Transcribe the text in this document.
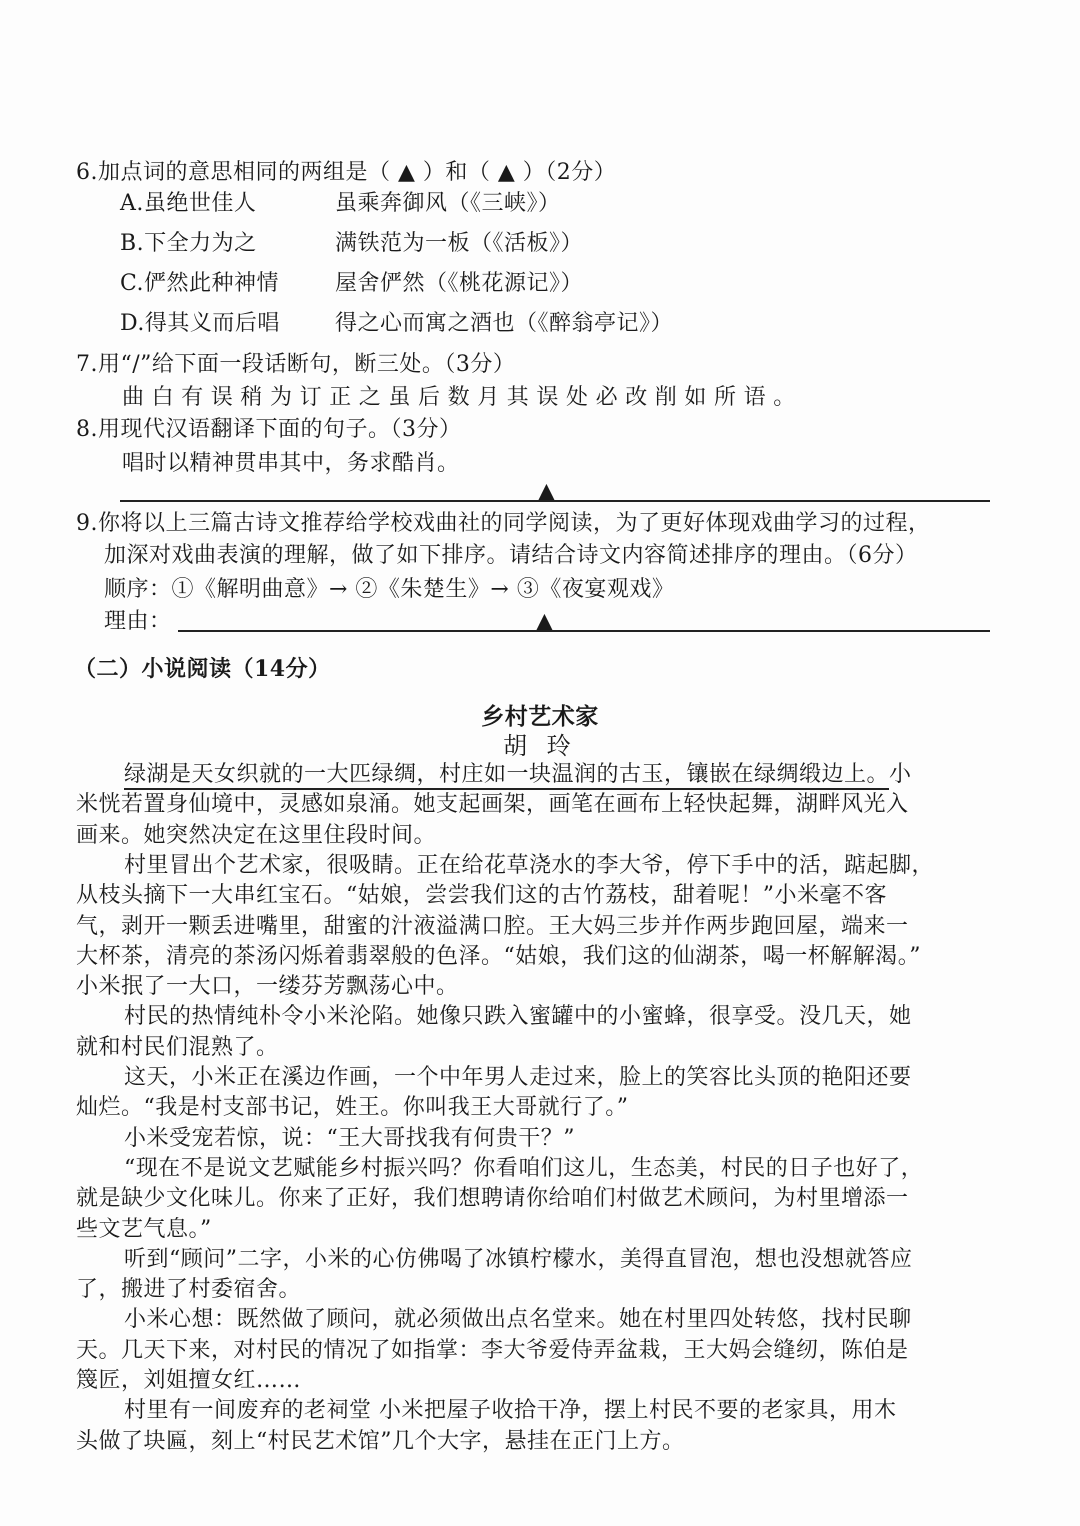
6.加点词的意思相同的两组是（ ▲ ）和（ ▲ ）（2分）
A.虽绝世佳人	虽乘奔御风（《三峡》）
B.下全力为之	满铁范为一板（《活板》）
C.俨然此种神情	屋舍俨然（《桃花源记》）
D.得其义而后唱	得之心而寓之酒也（《醉翁亭记》）
7.用“/”给下面一段话断句，断三处。（3分）
曲白有误稍为订正之虽后数月其误处必改削如所语。
8.用现代汉语翻译下面的句子。（3分）
唱时以精神贯串其中，务求酷肖。
▲
9.你将以上三篇古诗文推荐给学校戏曲社的同学阅读，为了更好体现戏曲学习的过程，
加深对戏曲表演的理解，做了如下排序。请结合诗文内容简述排序的理由。（6分）
顺序：①《解明曲意》→ ②《朱楚生》→ ③《夜宴观戏》
理由：	▲
（二）小说阅读（14分）
乡村艺术家
胡 玲
绿湖是天女织就的一大匹绿绸，村庄如一块温润的古玉，镶嵌在绿绸缎边上。小
米恍若置身仙境中，灵感如泉涌。她支起画架，画笔在画布上轻快起舞，湖畔风光入
画来。她突然决定在这里住段时间。
村里冒出个艺术家，很吸睛。正在给花草浇水的李大爷，停下手中的活，踮起脚，
从枝头摘下一大串红宝石。“姑娘，尝尝我们这的古竹荔枝，甜着呢！”小米毫不客
气，剥开一颗丢进嘴里，甜蜜的汁液溢满口腔。王大妈三步并作两步跑回屋，端来一
大杯茶，清亮的茶汤闪烁着翡翠般的色泽。“姑娘，我们这的仙湖茶，喝一杯解解渴。”
小米抿了一大口，一缕芬芳飘荡心中。
村民的热情纯朴令小米沦陷。她像只跌入蜜罐中的小蜜蜂，很享受。没几天，她
就和村民们混熟了。
这天，小米正在溪边作画，一个中年男人走过来，脸上的笑容比头顶的艳阳还要
灿烂。“我是村支部书记，姓王。你叫我王大哥就行了。”
小米受宠若惊，说：“王大哥找我有何贵干？”
“现在不是说文艺赋能乡村振兴吗？你看咱们这儿，生态美，村民的日子也好了，
就是缺少文化味儿。你来了正好，我们想聘请你给咱们村做艺术顾问，为村里增添一
些文艺气息。”
听到“顾问”二字，小米的心仿佛喝了冰镇柠檬水，美得直冒泡，想也没想就答应
了，搬进了村委宿舍。
小米心想：既然做了顾问，就必须做出点名堂来。她在村里四处转悠，找村民聊
天。几天下来，对村民的情况了如指掌：李大爷爱侍弄盆栽，王大妈会缝纫，陈伯是
篾匠，刘姐擅女红……
村里有一间废弃的老祠堂 小米把屋子收拾干净，摆上村民不要的老家具，用木
头做了块匾，刻上“村民艺术馆”几个大字，悬挂在正门上方。
